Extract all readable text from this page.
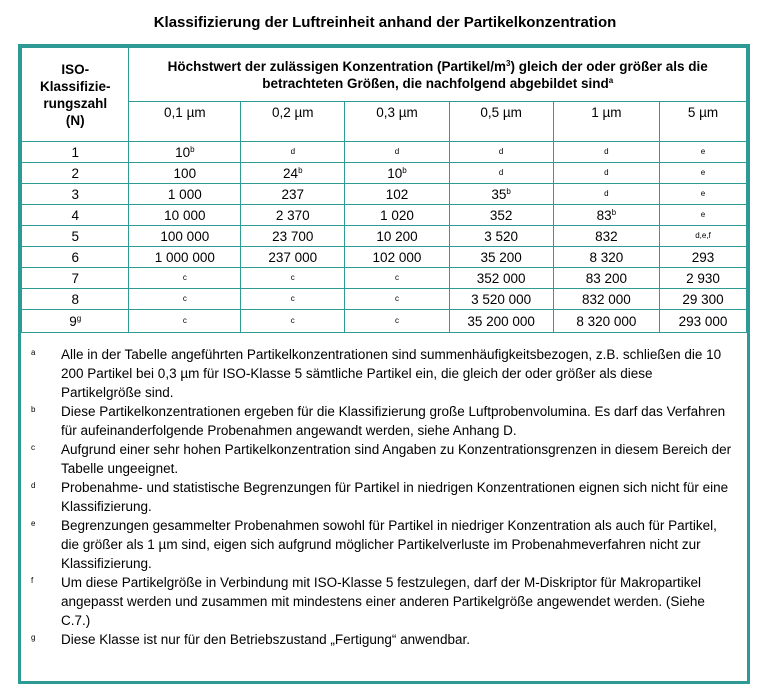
Klassifizierung der Luftreinheit anhand der Partikelkonzentration
ISO-
Klassifizie-
rungszahl
(N)	Höchstwert der zulässigen Konzentration $(Partikel/m^3)$ gleich der oder größer als die betrachteten Größen, die nachfolgend abgebildet sind$^a$
	0,1 µm	0,2 µm	0,3 µm	0,5 µm	1 µm	5 µm
1	10$^b$	$^d$	$^d$	$^d$	$^d$	$^e$
2	100	24$^b$	10$^b$	$^d$	$^d$	$^e$
3	1 000	237	102	35$^b$	$^d$	$^e$
4	10 000	2 370	1 020	352	83$^b$	$^e$
5	100 000	23 700	10 200	3 520	832	$^{d,e,f}$
6	1 000 000	237 000	102 000	35 200	8 320	293
7	$^c$	$^c$	$^c$	352 000	83 200	2 930
8	$^c$	$^c$	$^c$	3 520 000	832 000	29 300
9$^g$	$^c$	$^c$	$^c$	35 200 000	8 320 000	293 000
a Alle in der Tabelle angeführten Partikelkonzentrationen sind summenhäufigkeitsbezogen, z.B. schließen die 10 200 Partikel bei 0,3 µm für ISO-Klasse 5 sämtliche Partikel ein, die gleich der oder größer als diese Partikelgröße sind.
b Diese Partikelkonzentrationen ergeben für die Klassifizierung große Luftprobenvolumina. Es darf das Verfahren für aufeinanderfolgende Probenahmen angewandt werden, siehe Anhang D.
c Aufgrund einer sehr hohen Partikelkonzentration sind Angaben zu Konzentrationsgrenzen in diesem Bereich der Tabelle ungeeignet.
d Probenahme- und statistische Begrenzungen für Partikel in niedrigen Konzentrationen eignen sich nicht für eine Klassifizierung.
e Begrenzungen gesammelter Probenahmen sowohl für Partikel in niedriger Konzentration als auch für Partikel, die größer als 1 µm sind, eigen sich aufgrund möglicher Partikelverluste im Probenahmeverfahren nicht zur Klassifizierung.
f Um diese Partikelgröße in Verbindung mit ISO-Klasse 5 festzulegen, darf der M-Diskriptor für Makropartikel angepasst werden und zusammen mit mindestens einer anderen Partikelgröße angewendet werden. (Siehe C.7.)
g Diese Klasse ist nur für den Betriebszustand „Fertigung“ anwendbar.
